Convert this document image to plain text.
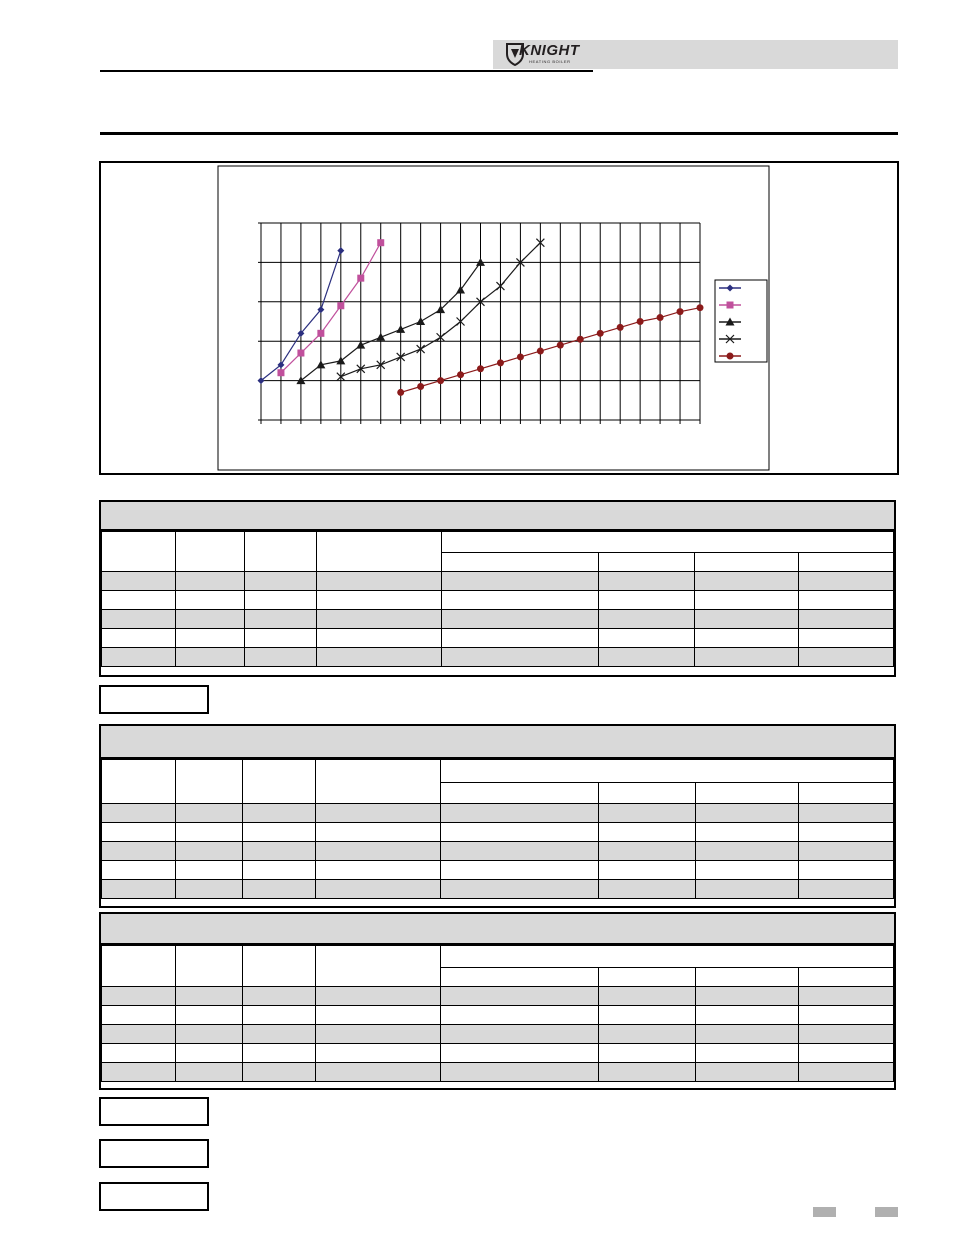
KNIGHT
HEATING BOILER
